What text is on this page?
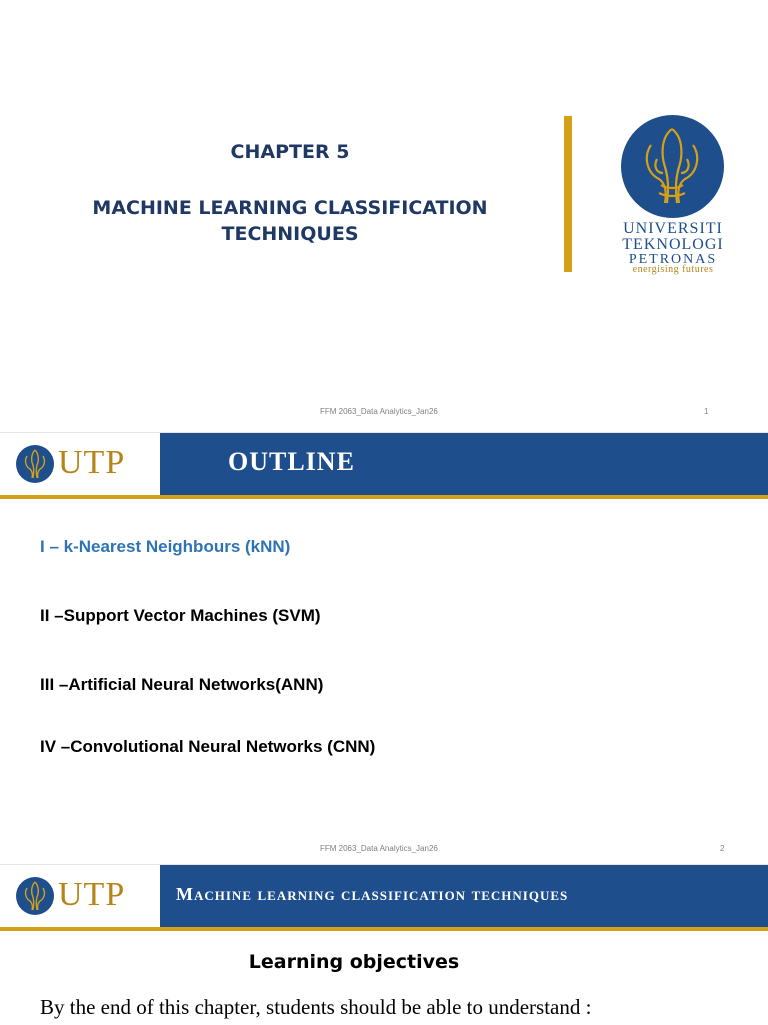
CHAPTER 5
MACHINE LEARNING CLASSIFICATION
TECHNIQUES	UNIVERSITI
TEKNOLOGI
PETRONAS
energising futures
FFM 2063_Data Analytics_Jan26	1
UTP	OUTLINE
I – k-Nearest Neighbours (kNN)
II –Support Vector Machines (SVM)
III –Artificial Neural Networks(ANN)
IV –Convolutional Neural Networks (CNN)
FFM 2063_Data Analytics_Jan26	2
UTP	Machine learning classification techniques
Learning objectives
By the end of this chapter, students should be able to understand :
